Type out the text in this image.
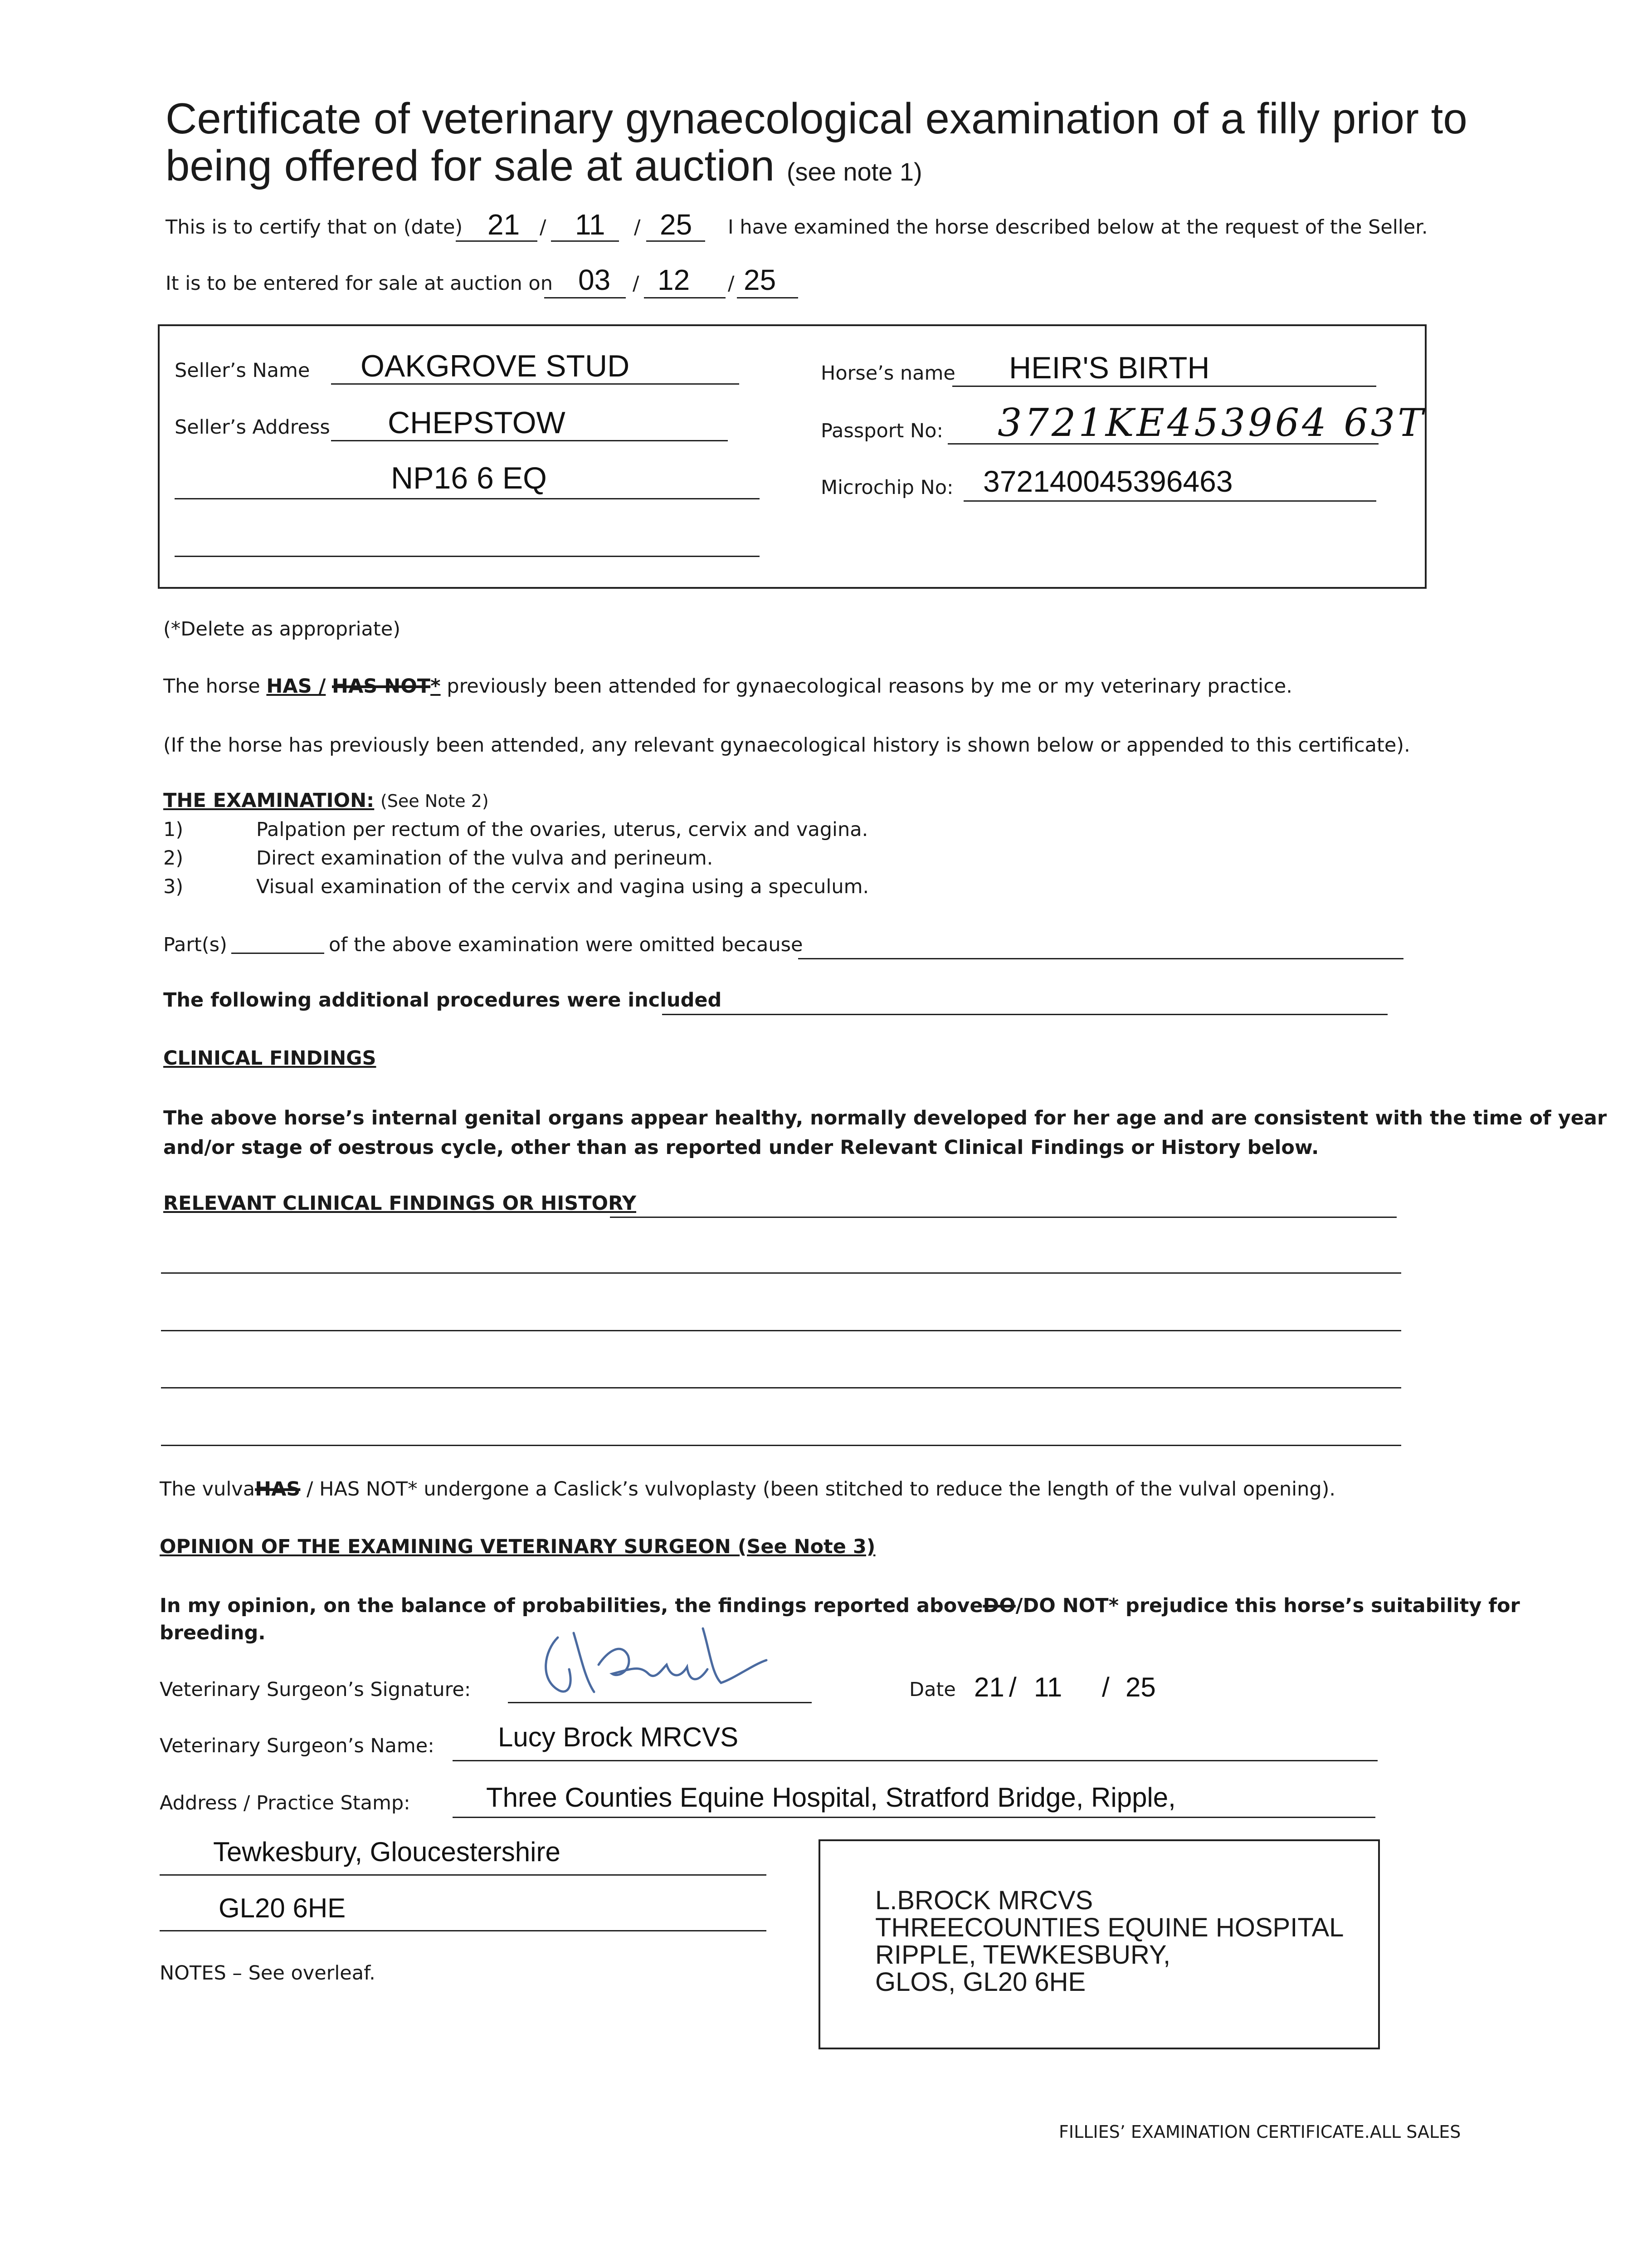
Certificate of veterinary gynaecological examination of a filly prior to
being offered for sale at auction (see note 1)
This is to certify that on (date) 21 / 11 / 25 I have examined the horse described below at the request of the Seller.
It is to be entered for sale at auction on 03 / 12 / 25
Seller’s Name OAKGROVE STUD
Seller’s Address CHEPSTOW
NP16 6 EQ
Horse’s name HEIR'S BIRTH
Passport No: 3721KE453964 63T
Microchip No: 372140045396463
(*Delete as appropriate)
The horse HAS / HAS NOT* previously been attended for gynaecological reasons by me or my veterinary practice.
(If the horse has previously been attended, any relevant gynaecological history is shown below or appended to this certificate).
THE EXAMINATION: (See Note 2)
1)	Palpation per rectum of the ovaries, uterus, cervix and vagina.
2)	Direct examination of the vulva and perineum.
3)	Visual examination of the cervix and vagina using a speculum.
Part(s)	of the above examination were omitted because
The following additional procedures were included
CLINICAL FINDINGS
The above horse’s internal genital organs appear healthy, normally developed for her age and are consistent with the time of year
and/or stage of oestrous cycle, other than as reported under Relevant Clinical Findings or History below.
RELEVANT CLINICAL FINDINGS OR HISTORY
The vulvaHAS / HAS NOT* undergone a Caslick’s vulvoplasty (been stitched to reduce the length of the vulval opening).
OPINION OF THE EXAMINING VETERINARY SURGEON (See Note 3)
In my opinion, on the balance of probabilities, the findings reported aboveDO/DO NOT* prejudice this horse’s suitability for
breeding.
Veterinary Surgeon’s Signature:	Date 21 / 11 / 25
Veterinary Surgeon’s Name: Lucy Brock MRCVS
Address / Practice Stamp:	Three Counties Equine Hospital, Stratford Bridge, Ripple,
Tewkesbury, Gloucestershire
GL20 6HE	L.BROCK MRCVS
THREECOUNTIES EQUINE HOSPITAL
RIPPLE, TEWKESBURY,
GLOS, GL20 6HE
NOTES – See overleaf.
FILLIES’ EXAMINATION CERTIFICATE.ALL SALES
